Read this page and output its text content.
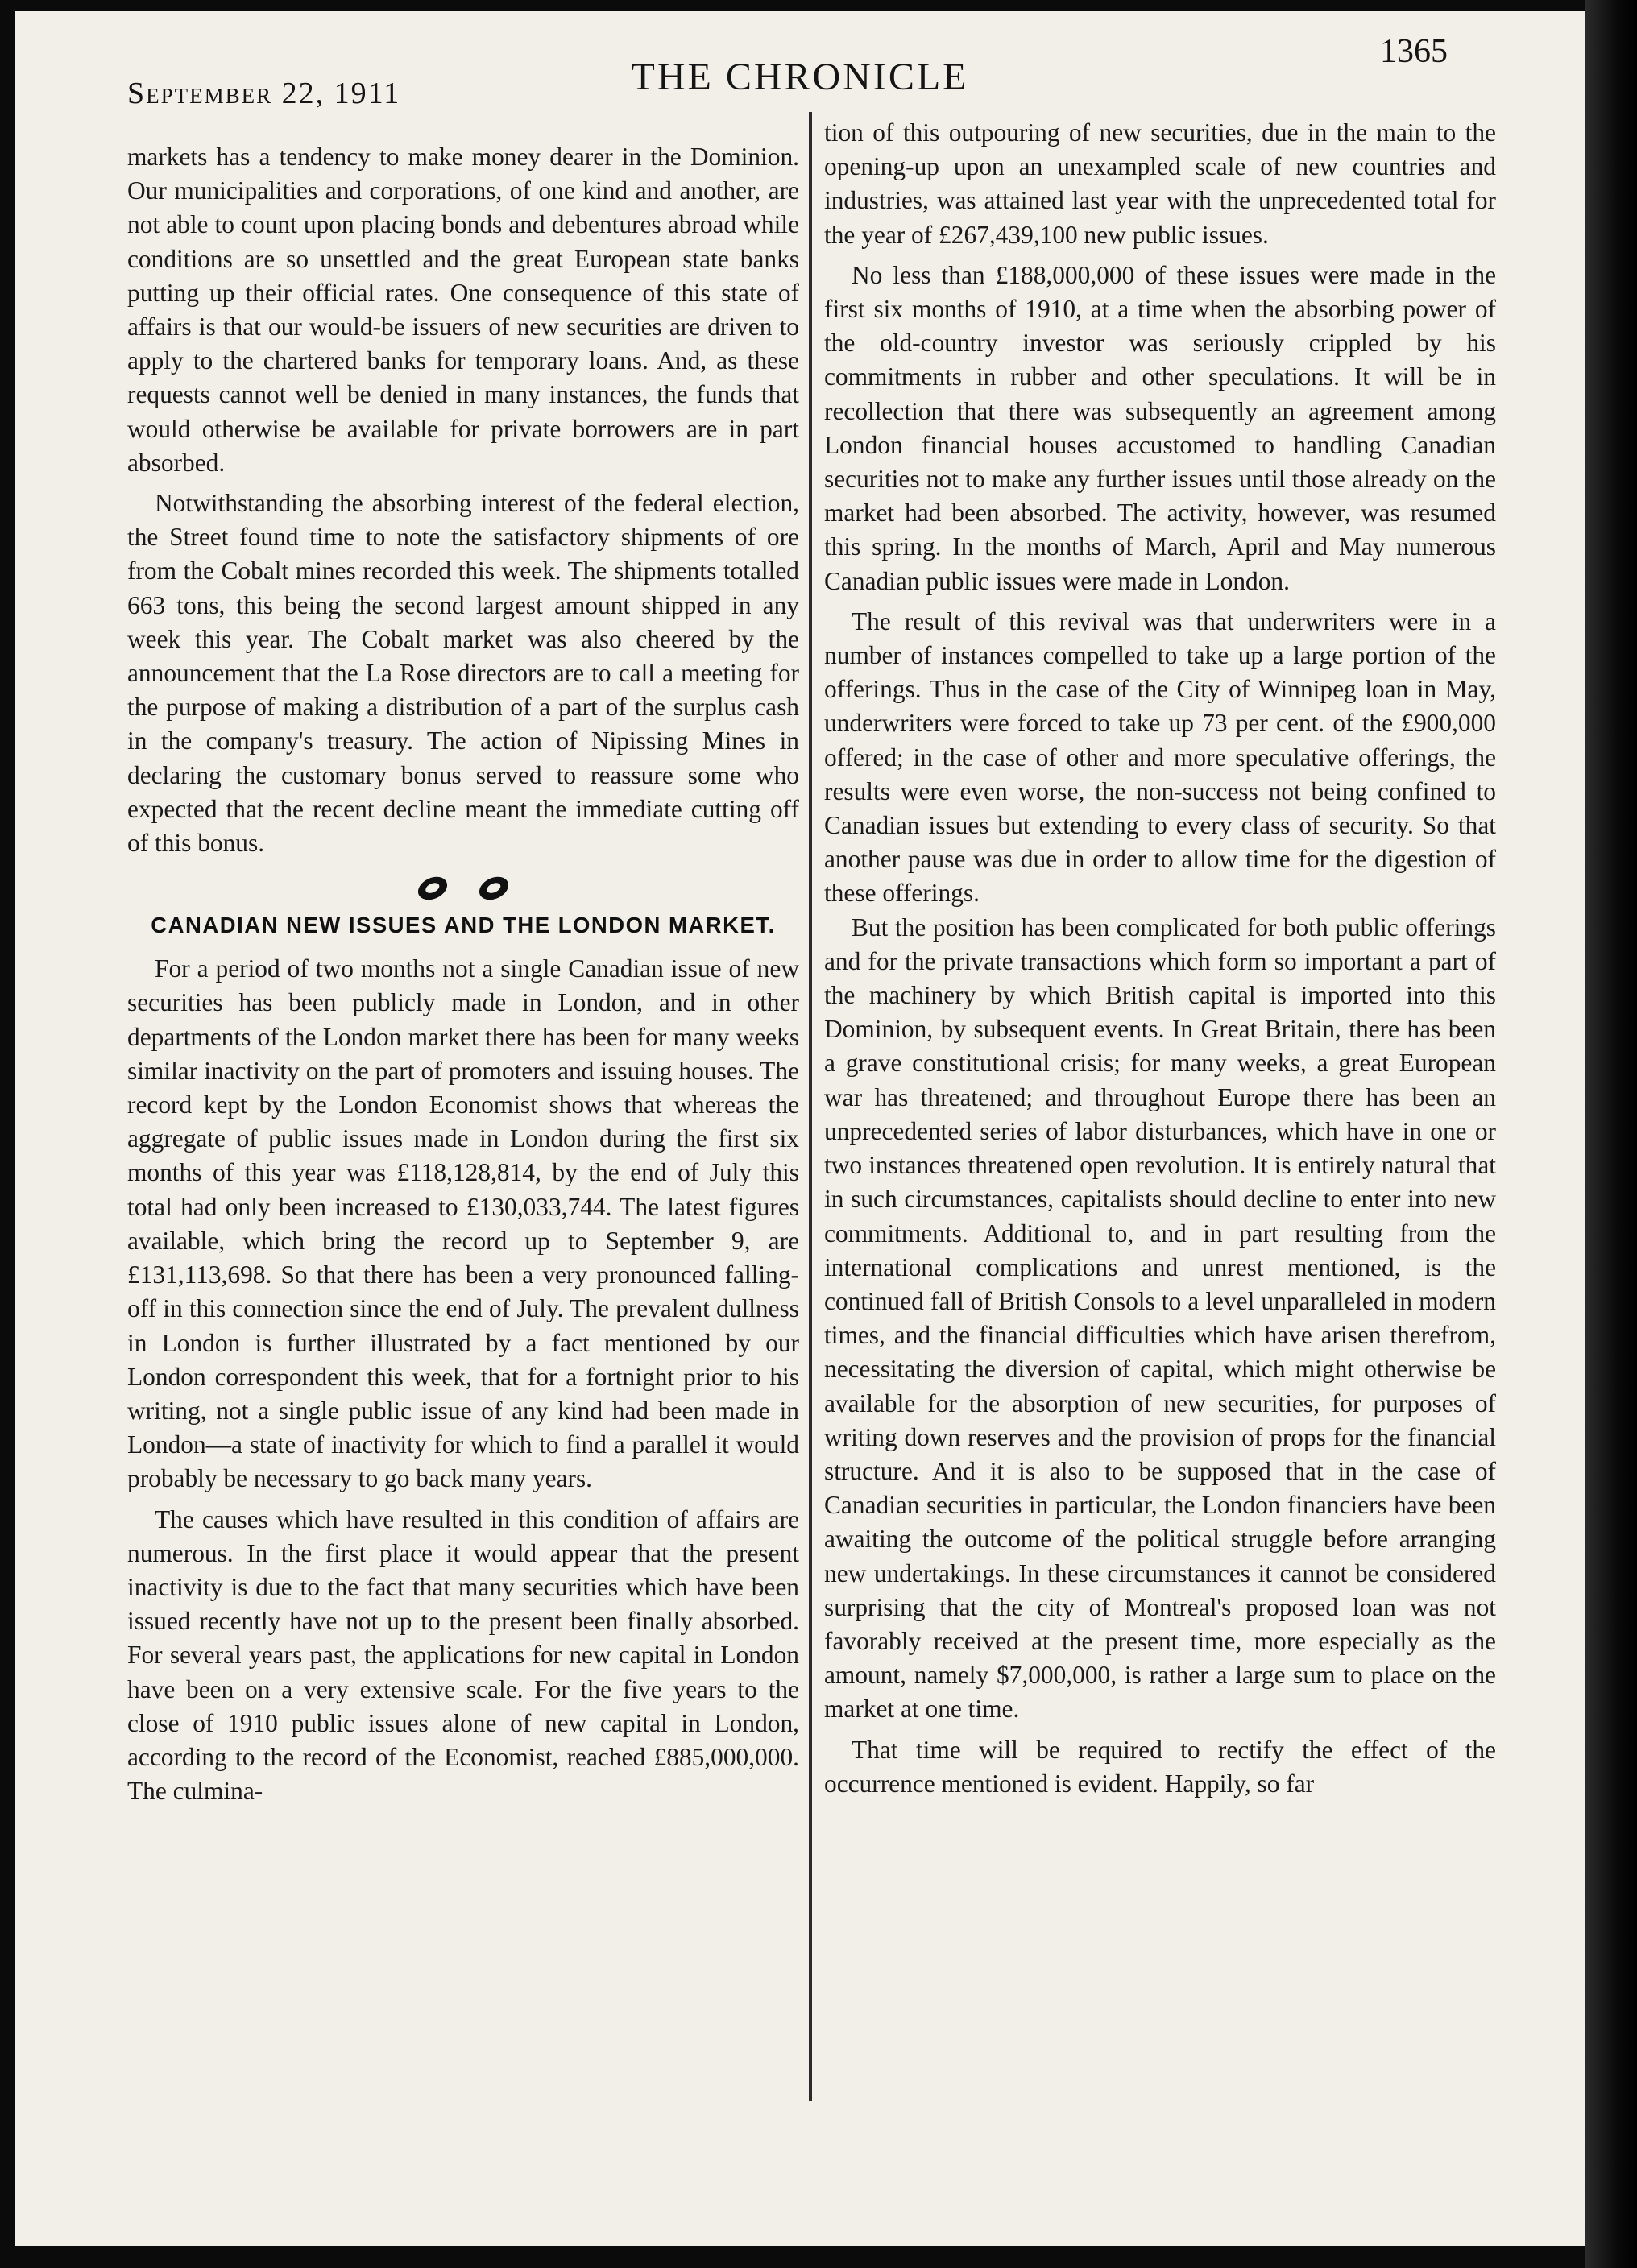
September 22, 1911	THE CHRONICLE
1365

markets has a tendency to make money dearer in the Dominion. Our municipalities and corporations, of one kind and another, are not able to count upon placing bonds and debentures abroad while conditions are so unsettled and the great European state banks putting up their official rates. One consequence of this state of affairs is that our would-be issuers of new securities are driven to apply to the chartered banks for temporary loans. And, as these requests cannot well be denied in many instances, the funds that would otherwise be available for private borrowers are in part absorbed.

Notwithstanding the absorbing interest of the federal election, the Street found time to note the satisfactory shipments of ore from the Cobalt mines recorded this week. The shipments totalled 663 tons, this being the second largest amount shipped in any week this year. The Cobalt market was also cheered by the announcement that the La Rose directors are to call a meeting for the purpose of making a distribution of a part of the surplus cash in the company's treasury. The action of Nipissing Mines in declaring the customary bonus served to reassure some who expected that the recent decline meant the immediate cutting off of this bonus.

CANADIAN NEW ISSUES AND THE LONDON MARKET.

For a period of two months not a single Canadian issue of new securities has been publicly made in London, and in other departments of the London market there has been for many weeks similar inactivity on the part of promoters and issuing houses. The record kept by the London Economist shows that whereas the aggregate of public issues made in London during the first six months of this year was £118,128,814, by the end of July this total had only been increased to £130,033,744. The latest figures available, which bring the record up to September 9, are £131,113,698. So that there has been a very pronounced falling-off in this connection since the end of July. The prevalent dullness in London is further illustrated by a fact mentioned by our London correspondent this week, that for a fortnight prior to his writing, not a single public issue of any kind had been made in London—a state of inactivity for which to find a parallel it would probably be necessary to go back many years.

The causes which have resulted in this condition of affairs are numerous. In the first place it would appear that the present inactivity is due to the fact that many securities which have been issued recently have not up to the present been finally absorbed. For several years past, the applications for new capital in London have been on a very extensive scale. For the five years to the close of 1910 public issues alone of new capital in London, according to the record of the Economist, reached £885,000,000. The culmina-

tion of this outpouring of new securities, due in the main to the opening-up upon an unexampled scale of new countries and industries, was attained last year with the unprecedented total for the year of £267,439,100 new public issues.

No less than £188,000,000 of these issues were made in the first six months of 1910, at a time when the absorbing power of the old-country investor was seriously crippled by his commitments in rubber and other speculations. It will be in recollection that there was subsequently an agreement among London financial houses accustomed to handling Canadian securities not to make any further issues until those already on the market had been absorbed. The activity, however, was resumed this spring. In the months of March, April and May numerous Canadian public issues were made in London.

The result of this revival was that underwriters were in a number of instances compelled to take up a large portion of the offerings. Thus in the case of the City of Winnipeg loan in May, underwriters were forced to take up 73 per cent. of the £900,000 offered; in the case of other and more speculative offerings, the results were even worse, the non-success not being confined to Canadian issues but extending to every class of security. So that another pause was due in order to allow time for the digestion of these offerings.

But the position has been complicated for both public offerings and for the private transactions which form so important a part of the machinery by which British capital is imported into this Dominion, by subsequent events. In Great Britain, there has been a grave constitutional crisis; for many weeks, a great European war has threatened; and throughout Europe there has been an unprecedented series of labor disturbances, which have in one or two instances threatened open revolution. It is entirely natural that in such circumstances, capitalists should decline to enter into new commitments. Additional to, and in part resulting from the international complications and unrest mentioned, is the continued fall of British Consols to a level unparalleled in modern times, and the financial difficulties which have arisen therefrom, necessitating the diversion of capital, which might otherwise be available for the absorption of new securities, for purposes of writing down reserves and the provision of props for the financial structure. And it is also to be supposed that in the case of Canadian securities in particular, the London financiers have been awaiting the outcome of the political struggle before arranging new undertakings. In these circumstances it cannot be considered surprising that the city of Montreal's proposed loan was not favorably received at the present time, more especially as the amount, namely $7,000,000, is rather a large sum to place on the market at one time.

That time will be required to rectify the effect of the occurrence mentioned is evident. Happily, so far
